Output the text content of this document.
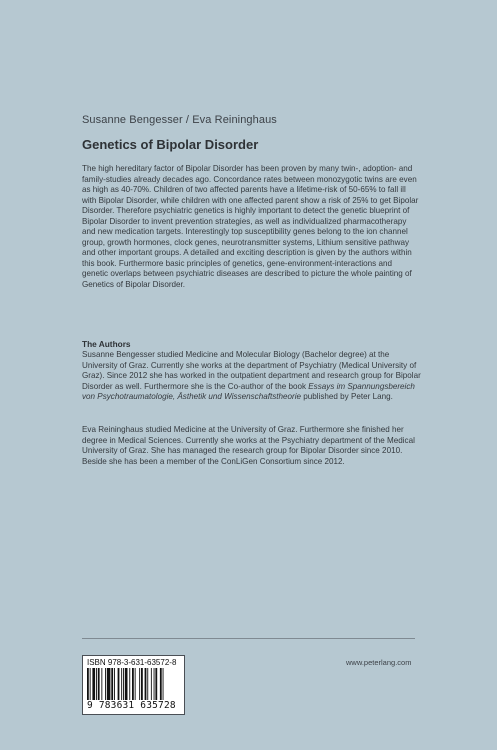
Susanne Bengesser / Eva Reininghaus
Genetics of Bipolar Disorder

The high hereditary factor of Bipolar Disorder has been proven by many twin-, adoption- and family-studies already decades ago. Concordance rates between monozygotic twins are even as high as 40-70%. Children of two affected parents have a lifetime-risk of 50-65% to fall ill with Bipolar Disorder, while children with one affected parent show a risk of 25% to get Bipolar Disorder. Therefore psychiatric genetics is highly important to detect the genetic blueprint of Bipolar Disorder to invent prevention strategies, as well as individualized pharmacotherapy and new medication targets. Interestingly top susceptibility genes belong to the ion channel group, growth hormones, clock genes, neurotransmitter systems, Lithium sensitive pathway and other important groups. A detailed and exciting description is given by the authors within this book. Furthermore basic principles of genetics, gene-environment-interactions and genetic overlaps between psychiatric diseases are described to picture the whole painting of Genetics of Bipolar Disorder.

The Authors

Susanne Bengesser studied Medicine and Molecular Biology (Bachelor degree) at the University of Graz. Currently she works at the department of Psychiatry (Medical University of Graz). Since 2012 she has worked in the outpatient department and research group for Bipolar Disorder as well. Furthermore she is the Co-author of the book Essays im Spannungsbereich von Psychotraumatologie, Ästhetik und Wissenschaftstheorie published by Peter Lang.

Eva Reininghaus studied Medicine at the University of Graz. Furthermore she finished her degree in Medical Sciences. Currently she works at the Psychiatry department of the Medical University of Graz. She has managed the research group for Bipolar Disorder since 2010. Beside she has been a member of the ConLiGen Consortium since 2012.

ISBN 978-3-631-63572-8
9 783631 635728
www.peterlang.com
